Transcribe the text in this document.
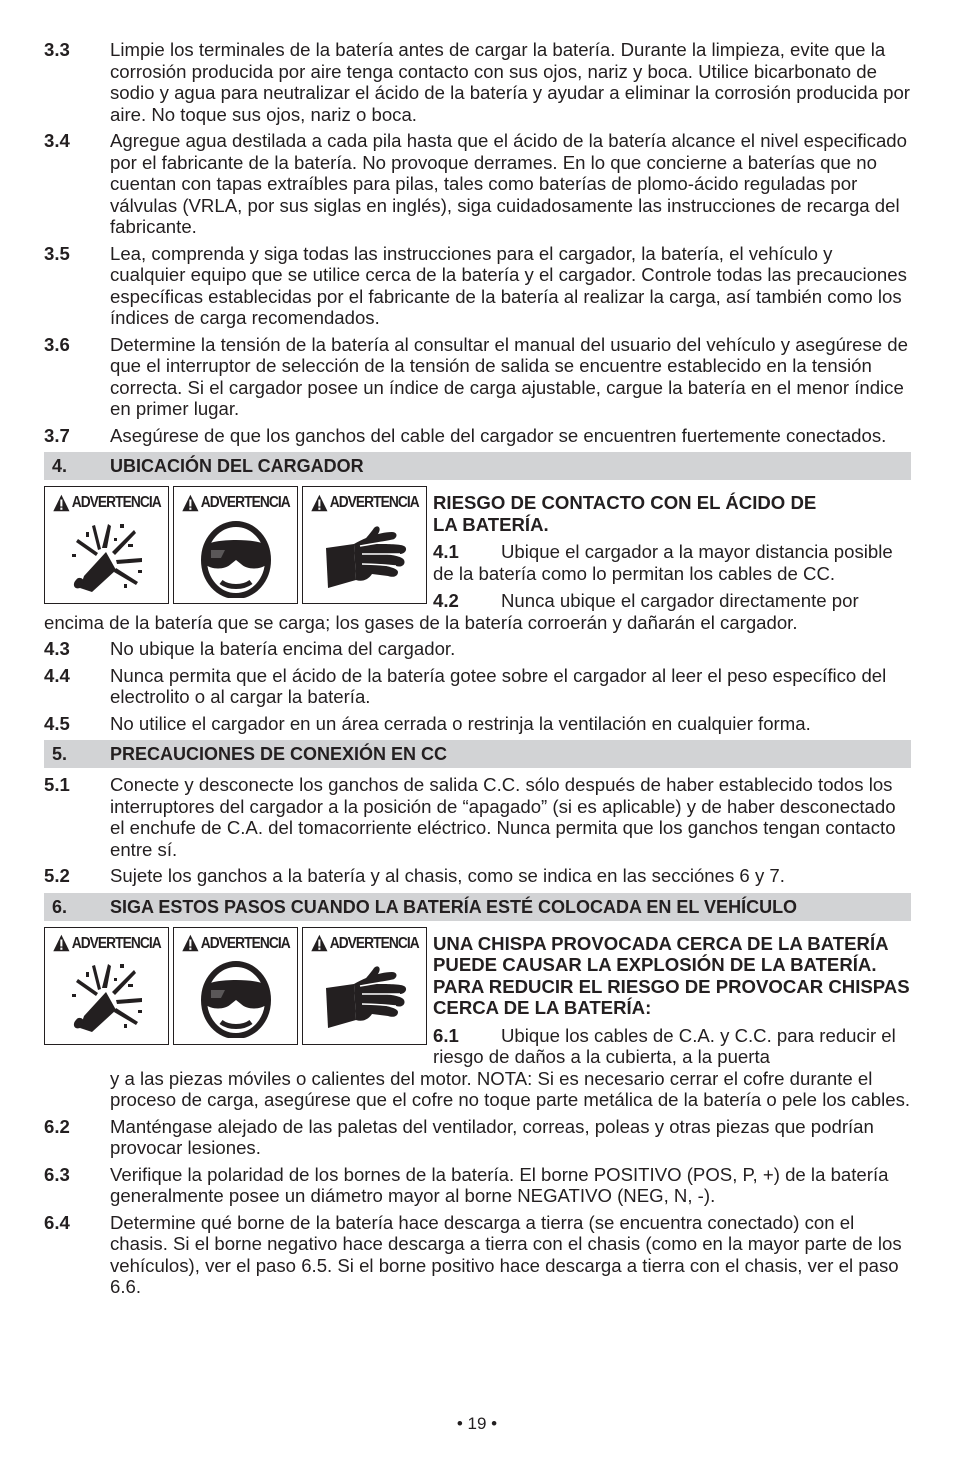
3.3	Limpie los terminales de la batería antes de cargar la batería. Durante la limpieza, evite que la corrosión producida por aire tenga contacto con sus ojos, nariz y boca. Utilice bicarbonato de sodio y agua para neutralizar el ácido de la batería y ayudar a eliminar la corrosión producida por aire. No toque sus ojos, nariz o boca.
3.4	Agregue agua destilada a cada pila hasta que el ácido de la batería alcance el nivel especificado por el fabricante de la batería. No provoque derrames. En lo que concierne a baterías que no cuentan con tapas extraíbles para pilas, tales como baterías de plomo-ácido reguladas por válvulas (VRLA, por sus siglas en inglés), siga cuidadosamente las instrucciones de recarga del fabricante.
3.5	Lea, comprenda y siga todas las instrucciones para el cargador, la batería, el vehículo y cualquier equipo que se utilice cerca de la batería y el cargador. Controle todas las precauciones específicas establecidas por el fabricante de la batería al realizar la carga, así también como los índices de carga recomendados.
3.6	Determine la tensión de la batería al consultar el manual del usuario del vehículo y asegúrese de que el interruptor de selección de la tensión de salida se encuentre establecido en la tensión correcta. Si el cargador posee un índice de carga ajustable, cargue la batería en el menor índice en primer lugar.
3.7	Asegúrese de que los ganchos del cable del cargador se encuentren fuertemente conectados.
4.	UBICACIÓN DEL CARGADOR
ADVERTENCIA	ADVERTENCIA	ADVERTENCIA RIESGO DE CONTACTO CON EL ÁCIDO DE LA BATERÍA.

4.1 Ubique el cargador a la mayor distancia posible de la batería como lo permitan los cables de CC.

4.2 Nunca ubique el cargador directamente por encima de la batería que se carga; los gases de la batería corroerán y dañarán el cargador.

4.3	No ubique la batería encima del cargador.
4.4	Nunca permita que el ácido de la batería gotee sobre el cargador al leer el peso específico del electrolito o al cargar la batería.
4.5	No utilice el cargador en un área cerrada o restrinja la ventilación en cualquier forma.
5.	PRECAUCIONES DE CONEXIÓN EN CC
5.1	Conecte y desconecte los ganchos de salida C.C. sólo después de haber establecido todos los interruptores del cargador a la posición de “apagado” (si es aplicable) y de haber desconectado el enchufe de C.A. del tomacorriente eléctrico. Nunca permita que los ganchos tengan contacto entre sí.
5.2	Sujete los ganchos a la batería y al chasis, como se indica en las secciónes 6 y 7.
6.	SIGA ESTOS PASOS CUANDO LA BATERÍA ESTÉ COLOCADA EN EL VEHÍCULO
ADVERTENCIA	ADVERTENCIA	ADVERTENCIA UNA CHISPA PROVOCADA CERCA DE LA BATERÍA PUEDE CAUSAR LA EXPLOSIÓN DE LA BATERÍA. PARA REDUCIR EL RIESGO DE PROVOCAR CHISPAS CERCA DE LA BATERÍA:

6.1 Ubique los cables de C.A. y C.C. para reducir el riesgo de daños a la cubierta, a la puerta

y a las piezas móviles o calientes del motor. NOTA: Si es necesario cerrar el cofre durante el proceso de carga, asegúrese que el cofre no toque parte metálica de la batería o pele los cables.

6.2	Manténgase alejado de las paletas del ventilador, correas, poleas y otras piezas que podrían provocar lesiones.
6.3	Verifique la polaridad de los bornes de la batería. El borne POSITIVO (POS, P, +) de la batería generalmente posee un diámetro mayor al borne NEGATIVO (NEG, N, -).
6.4	Determine qué borne de la batería hace descarga a tierra (se encuentra conectado) con el chasis. Si el borne negativo hace descarga a tierra con el chasis (como en la mayor parte de los vehículos), ver el paso 6.5. Si el borne positivo hace descarga a tierra con el chasis, ver el paso 6.6.
• 19 •
